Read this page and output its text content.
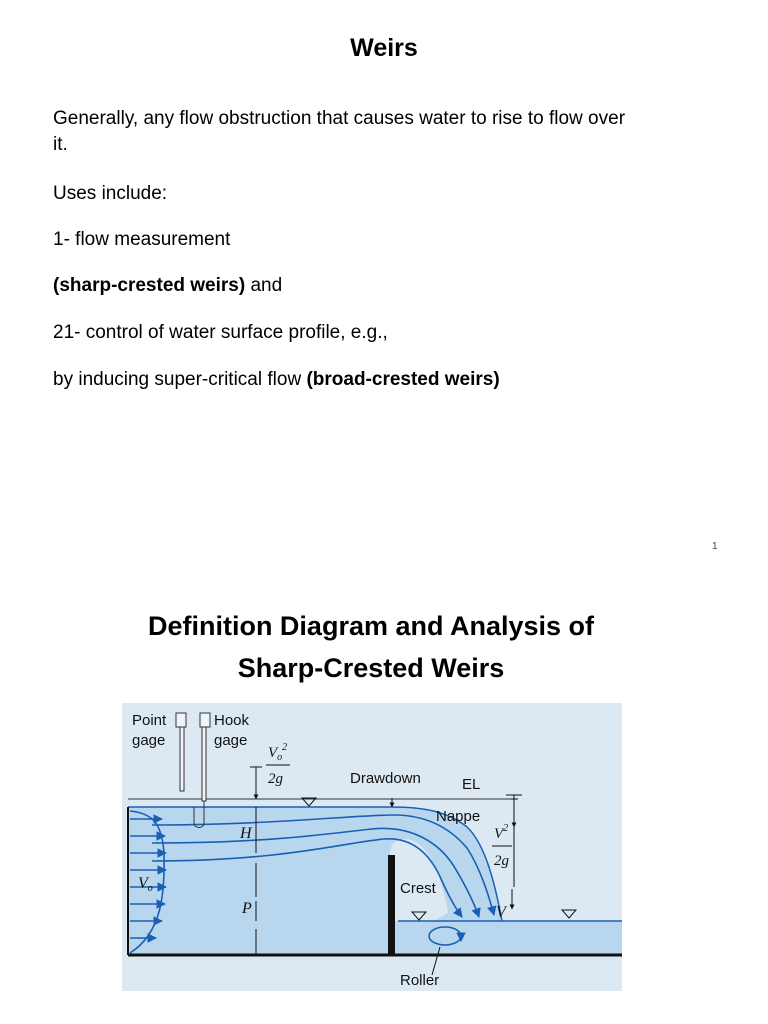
Weirs
Generally, any flow obstruction that causes water to rise to flow over
it.
Uses include:
1- flow measurement
(sharp-crested weirs) and
21- control of water surface profile, e.g.,
by inducing super-critical flow (broad-crested weirs)
1
Definition Diagram and Analysis of
Sharp-Crested Weirs
Point
gage
Hook
gage
$V_o^2$
2g	Drawdown	EL
Nappe
Crest
Roller
H
P
Vo
V
$V^2$
2g
